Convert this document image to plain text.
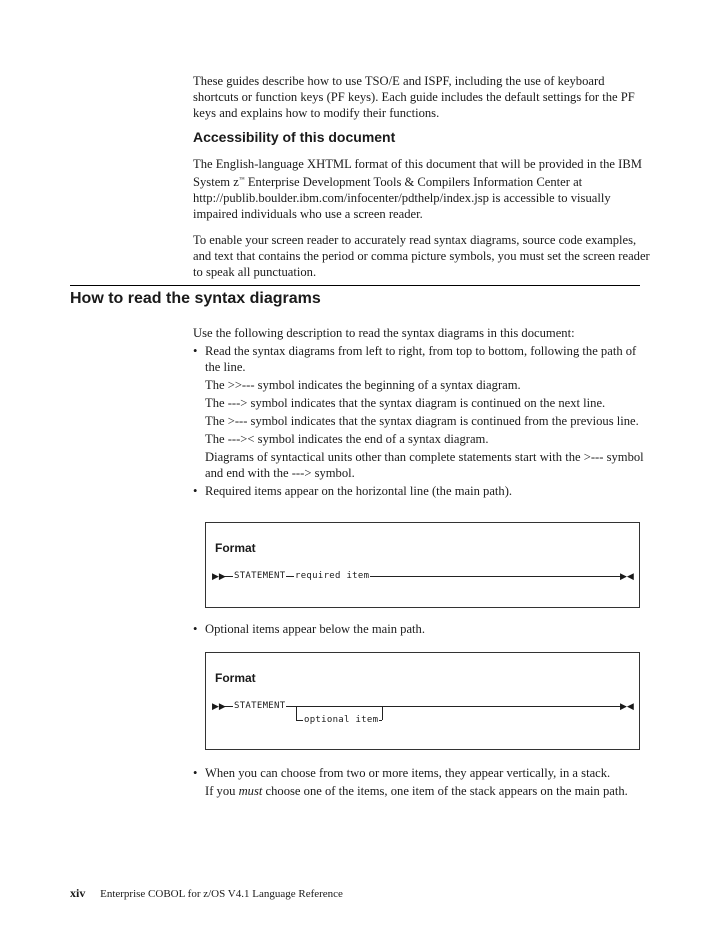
These guides describe how to use TSO/E and ISPF, including the use of keyboard shortcuts or function keys (PF keys). Each guide includes the default settings for the PF keys and explains how to modify their functions.

Accessibility of this document

The English-language XHTML format of this document that will be provided in the IBM System z™ Enterprise Development Tools & Compilers Information Center at http://publib.boulder.ibm.com/infocenter/pdthelp/index.jsp is accessible to visually impaired individuals who use a screen reader.

To enable your screen reader to accurately read syntax diagrams, source code examples, and text that contains the period or comma picture symbols, you must set the screen reader to speak all punctuation.

How to read the syntax diagrams

Use the following description to read the syntax diagrams in this document:

• Read the syntax diagrams from left to right, from top to bottom, following the path of the line.
The >>--- symbol indicates the beginning of a syntax diagram.
The ---> symbol indicates that the syntax diagram is continued on the next line.
The >--- symbol indicates that the syntax diagram is continued from the previous line.
The --->< symbol indicates the end of a syntax diagram.
Diagrams of syntactical units other than complete statements start with the >--- symbol and end with the ---> symbol.
• Required items appear on the horizontal line (the main path).
Format
▶▶ STATEMENT required item	▶◀
• Optional items appear below the main path.
Format
▶▶ STATEMENT
optional item
▶◀
• When you can choose from two or more items, they appear vertically, in a stack.
If you must choose one of the items, one item of the stack appears on the main path.
xiv Enterprise COBOL for z/OS V4.1 Language Reference
